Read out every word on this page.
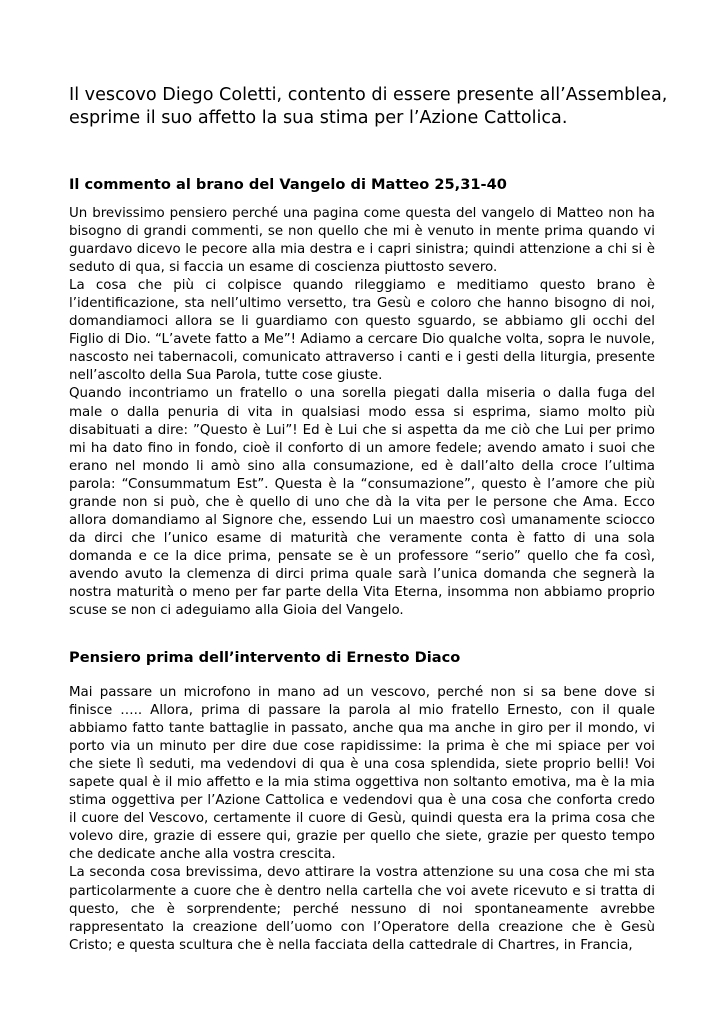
Il vescovo Diego Coletti, contento di essere presente all’Assemblea,
esprime il suo affetto la sua stima per l’Azione Cattolica.
Il commento al brano del Vangelo di Matteo 25,31-40

Un brevissimo pensiero perché una pagina come questa del vangelo di Matteo non ha bisogno di grandi commenti, se non quello che mi è venuto in mente prima quando vi guardavo dicevo le pecore alla mia destra e i capri sinistra; quindi attenzione a chi si è seduto di qua, si faccia un esame di coscienza piuttosto severo.

La cosa che più ci colpisce quando rileggiamo e meditiamo questo brano è l’identificazione, sta nell’ultimo versetto, tra Gesù e coloro che hanno bisogno di noi, domandiamoci allora se li guardiamo con questo sguardo, se abbiamo gli occhi del Figlio di Dio. “L’avete fatto a Me”! Adiamo a cercare Dio qualche volta, sopra le nuvole, nascosto nei tabernacoli, comunicato attraverso i canti e i gesti della liturgia, presente nell’ascolto della Sua Parola, tutte cose giuste.

Quando incontriamo un fratello o una sorella piegati dalla miseria o dalla fuga del male o dalla penuria di vita in qualsiasi modo essa si esprima, siamo molto più disabituati a dire: ”Questo è Lui”! Ed è Lui che si aspetta da me ciò che Lui per primo mi ha dato fino in fondo, cioè il conforto di un amore fedele; avendo amato i suoi che erano nel mondo li amò sino alla consumazione, ed è dall’alto della croce l’ultima parola: “Consummatum Est”. Questa è la “consumazione”, questo è l’amore che più grande non si può, che è quello di uno che dà la vita per le persone che Ama. Ecco allora domandiamo al Signore che, essendo Lui un maestro così umanamente sciocco da dirci che l’unico esame di maturità che veramente conta è fatto di una sola domanda e ce la dice prima, pensate se è un professore “serio” quello che fa così, avendo avuto la clemenza di dirci prima quale sarà l’unica domanda che segnerà la nostra maturità o meno per far parte della Vita Eterna, insomma non abbiamo proprio scuse se non ci adeguiamo alla Gioia del Vangelo.

Pensiero prima dell’intervento di Ernesto Diaco

Mai passare un microfono in mano ad un vescovo, perché non si sa bene dove si finisce ….. Allora, prima di passare la parola al mio fratello Ernesto, con il quale abbiamo fatto tante battaglie in passato, anche qua ma anche in giro per il mondo, vi porto via un minuto per dire due cose rapidissime: la prima è che mi spiace per voi che siete lì seduti, ma vedendovi di qua è una cosa splendida, siete proprio belli! Voi sapete qual è il mio affetto e la mia stima oggettiva non soltanto emotiva, ma è la mia stima oggettiva per l’Azione Cattolica e vedendovi qua è una cosa che conforta credo il cuore del Vescovo, certamente il cuore di Gesù, quindi questa era la prima cosa che volevo dire, grazie di essere qui, grazie per quello che siete, grazie per questo tempo che dedicate anche alla vostra crescita.

La seconda cosa brevissima, devo attirare la vostra attenzione su una cosa che mi sta particolarmente a cuore che è dentro nella cartella che voi avete ricevuto e si tratta di questo, che è sorprendente; perché nessuno di noi spontaneamente avrebbe rappresentato la creazione dell’uomo con l’Operatore della creazione che è Gesù Cristo; e questa scultura che è nella facciata della cattedrale di Chartres, in Francia,
